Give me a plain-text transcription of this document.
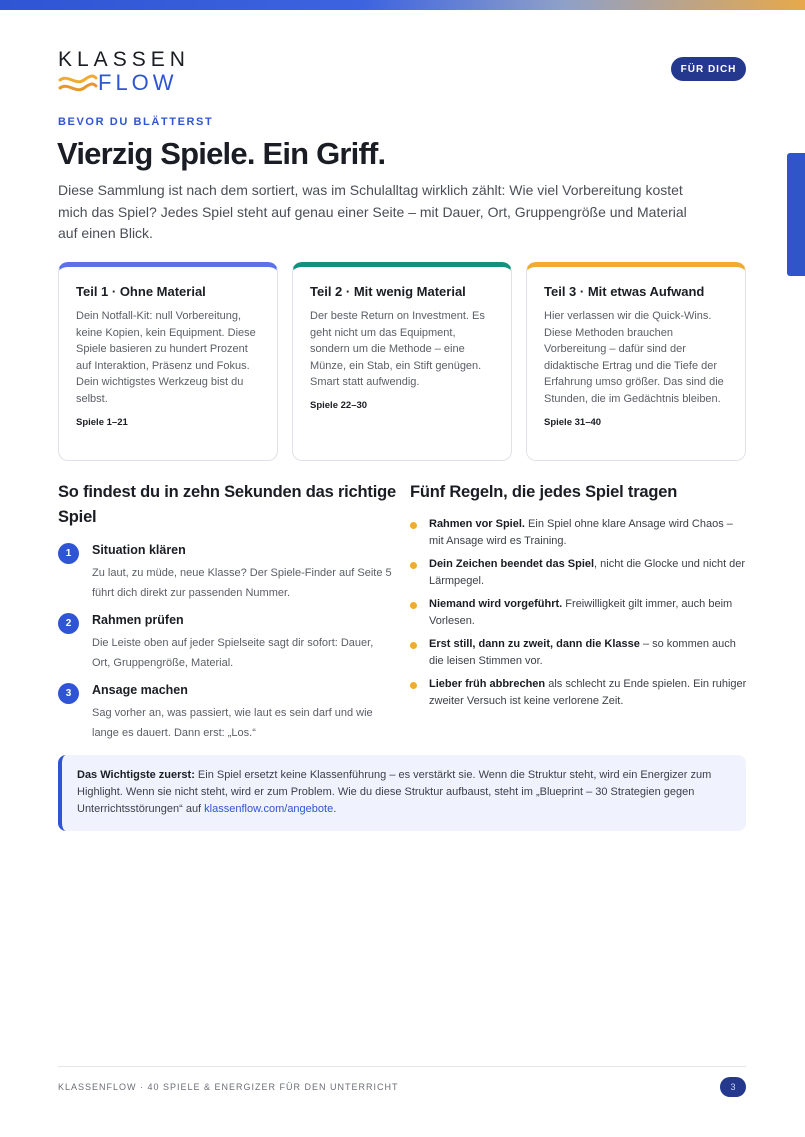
KLASSEN
FLOW
FÜR DICH
BEVOR DU BLÄTTERST
Vierzig Spiele. Ein Griff.

Diese Sammlung ist nach dem sortiert, was im Schulalltag wirklich zählt: Wie viel Vorbereitung kostet mich das Spiel? Jedes Spiel steht auf genau einer Seite – mit Dauer, Ort, Gruppengröße und Material auf einen Blick.

Teil 1 · Ohne Material
Dein Notfall-Kit: null Vorbereitung, keine Kopien, kein Equipment. Diese Spiele basieren zu hundert Prozent auf Interaktion, Präsenz und Fokus. Dein wichtigstes Werkzeug bist du selbst.
Spiele 1–21
Teil 2 · Mit wenig Material
Der beste Return on Investment. Es geht nicht um das Equipment, sondern um die Methode – eine Münze, ein Stab, ein Stift genügen. Smart statt aufwendig.
Spiele 22–30
Teil 3 · Mit etwas Aufwand
Hier verlassen wir die Quick-Wins. Diese Methoden brauchen Vorbereitung – dafür sind der didaktische Ertrag und die Tiefe der Erfahrung umso größer. Das sind die Stunden, die im Gedächtnis bleiben.
Spiele 31–40
So findest du in zehn Sekunden das richtige Spiel
1	Situation klären
Zu laut, zu müde, neue Klasse? Der Spiele-Finder auf Seite 5 führt dich direkt zur passenden Nummer.
2	Rahmen prüfen
Die Leiste oben auf jeder Spielseite sagt dir sofort: Dauer, Ort, Gruppengröße, Material.
3	Ansage machen
Sag vorher an, was passiert, wie laut es sein darf und wie lange es dauert. Dann erst: „Los.“
Fünf Regeln, die jedes Spiel tragen
Rahmen vor Spiel. Ein Spiel ohne klare Ansage wird Chaos – mit Ansage wird es Training.
Dein Zeichen beendet das Spiel, nicht die Glocke und nicht der Lärmpegel.
Niemand wird vorgeführt. Freiwilligkeit gilt immer, auch beim Vorlesen.
Erst still, dann zu zweit, dann die Klasse – so kommen auch die leisen Stimmen vor.
Lieber früh abbrechen als schlecht zu Ende spielen. Ein ruhiger zweiter Versuch ist keine verlorene Zeit.
Das Wichtigste zuerst: Ein Spiel ersetzt keine Klassenführung – es verstärkt sie. Wenn die Struktur steht, wird ein Energizer zum Highlight. Wenn sie nicht steht, wird er zum Problem. Wie du diese Struktur aufbaust, steht im „Blueprint – 30 Strategien gegen Unterrichtsstörungen“ auf klassenflow.com/angebote.
KLASSENFLOW · 40 SPIELE & ENERGIZER FÜR DEN UNTERRICHT	3
